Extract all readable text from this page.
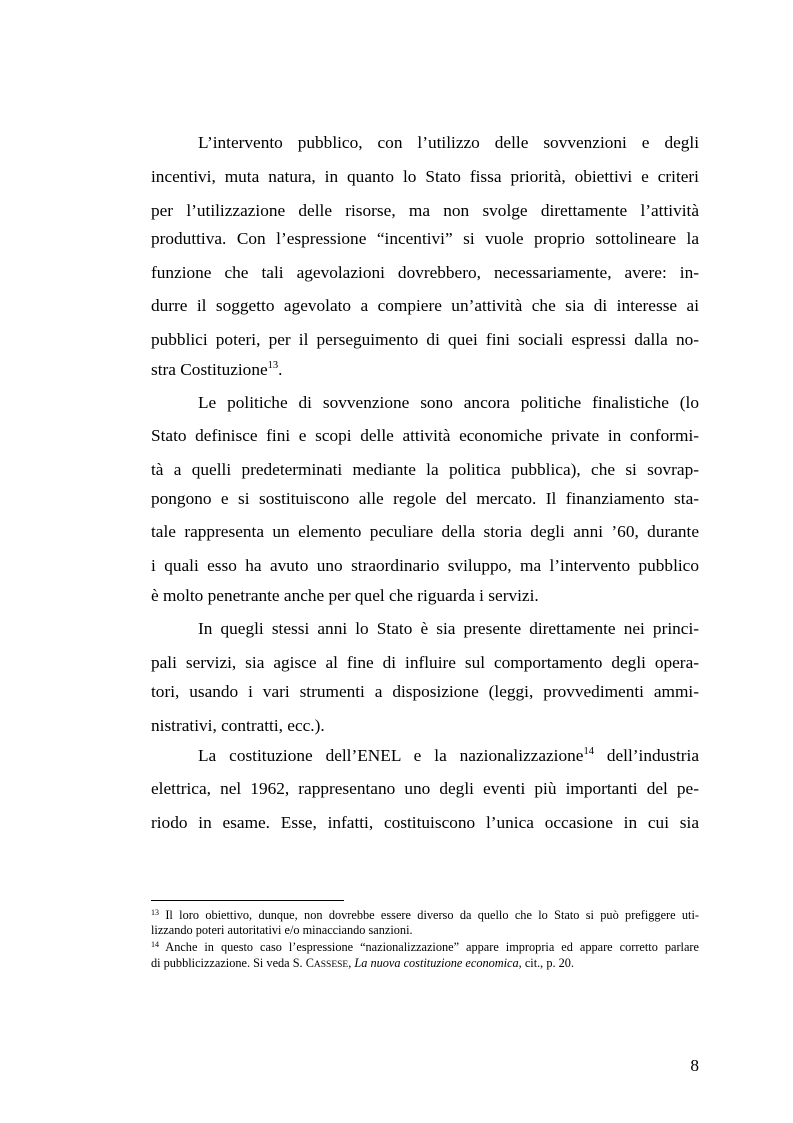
L’intervento pubblico, con l’utilizzo delle sovvenzioni e degli
incentivi, muta natura, in quanto lo Stato fissa priorità, obiettivi e criteri
per l’utilizzazione delle risorse, ma non svolge direttamente l’attività
produttiva. Con l’espressione “incentivi” si vuole proprio sottolineare la
funzione che tali agevolazioni dovrebbero, necessariamente, avere: in-
durre il soggetto agevolato a compiere un’attività che sia di interesse ai
pubblici poteri, per il perseguimento di quei fini sociali espressi dalla no-
stra Costituzione$^{13}$.
Le politiche di sovvenzione sono ancora politiche finalistiche (lo
Stato definisce fini e scopi delle attività economiche private in conformi-
tà a quelli predeterminati mediante la politica pubblica), che si sovrap-
pongono e si sostituiscono alle regole del mercato. Il finanziamento sta-
tale rappresenta un elemento peculiare della storia degli anni ’60, durante
i quali esso ha avuto uno straordinario sviluppo, ma l’intervento pubblico
è molto penetrante anche per quel che riguarda i servizi.
In quegli stessi anni lo Stato è sia presente direttamente nei princi-
pali servizi, sia agisce al fine di influire sul comportamento degli opera-
tori, usando i vari strumenti a disposizione (leggi, provvedimenti ammi-
nistrativi, contratti, ecc.).
La costituzione dell’ENEL e la nazionalizzazione$^{14}$ dell’industria
elettrica, nel 1962, rappresentano uno degli eventi più importanti del pe-
riodo in esame. Esse, infatti, costituiscono l’unica occasione in cui sia
$^{13}$ Il loro obiettivo, dunque, non dovrebbe essere diverso da quello che lo Stato si può prefiggere uti-
lizzando poteri autoritativi e/o minacciando sanzioni.
$^{14}$ Anche in questo caso l’espressione “nazionalizzazione” appare impropria ed appare corretto parlare
di pubblicizzazione. Si veda S. CASSESE, La nuova costituzione economica, cit., p. 20.
8
